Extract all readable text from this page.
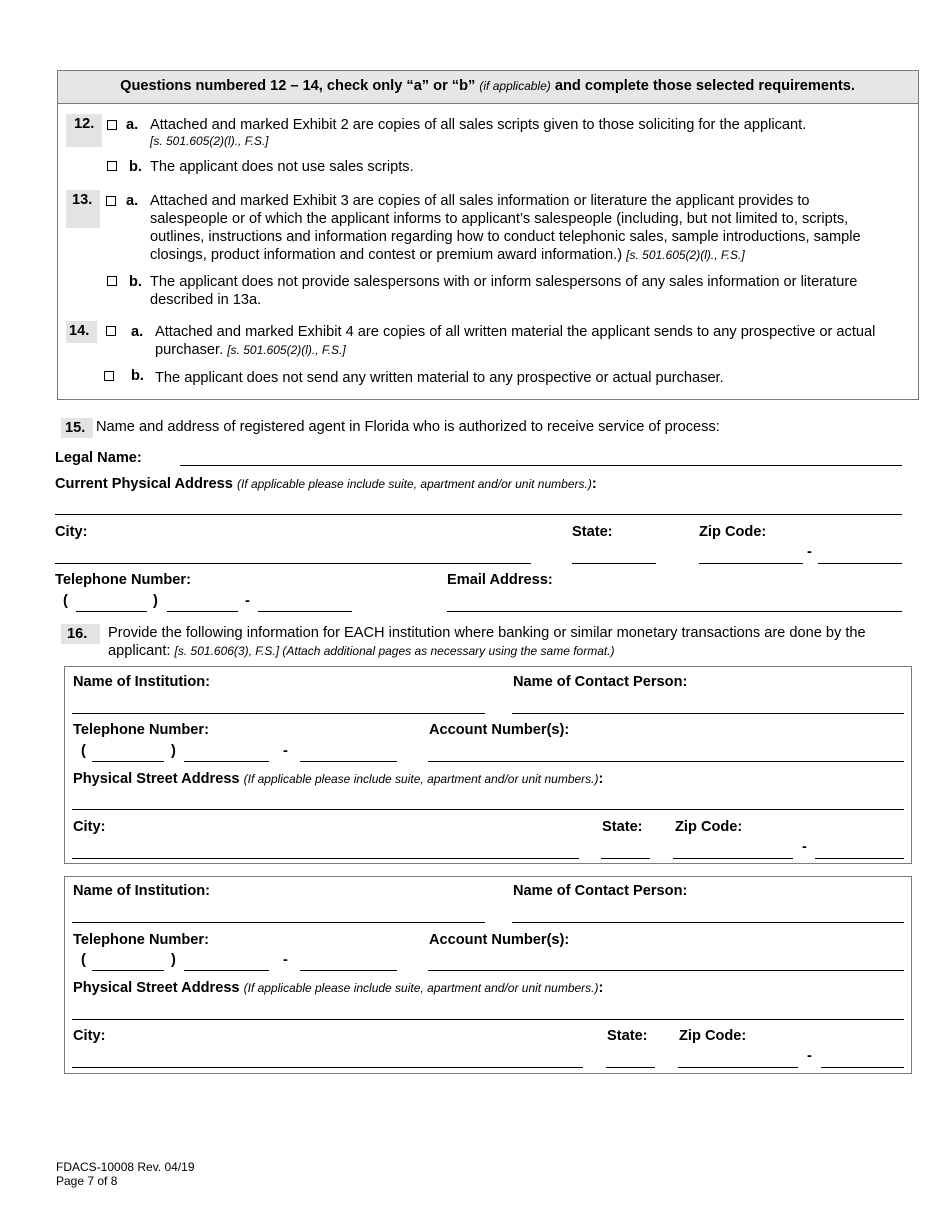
Questions numbered 12 – 14, check only “a” or “b” (if applicable) and complete those selected requirements.
12.	a. Attached and marked Exhibit 2 are copies of all sales scripts given to those soliciting for the applicant.
[s. 501.605(2)(l)., F.S.]
b. The applicant does not use sales scripts.
13.	a. Attached and marked Exhibit 3 are copies of all sales information or literature the applicant provides to
salespeople or of which the applicant informs to applicant’s salespeople (including, but not limited to, scripts,
outlines, instructions and information regarding how to conduct telephonic sales, sample introductions, sample
closings, product information and contest or premium award information.) [s. 501.605(2)(l)., F.S.]
b. The applicant does not provide salespersons with or inform salespersons of any sales information or literature
described in 13a.
14.	a. Attached and marked Exhibit 4 are copies of all written material the applicant sends to any prospective or actual
purchaser. [s. 501.605(2)(l)., F.S.]
b. The applicant does not send any written material to any prospective or actual purchaser.
15. Name and address of registered agent in Florida who is authorized to receive service of process:
Legal Name:
Current Physical Address (If applicable please include suite, apartment and/or unit numbers.):
City:	State:	Zip Code:
-
Telephone Number:
(	)	-
Email Address:
16.	Provide the following information for EACH institution where banking or similar monetary transactions are done by the
applicant: [s. 501.606(3), F.S.] (Attach additional pages as necessary using the same format.)
Name of Institution:	Name of Contact Person:
Telephone Number:
(	)	-
Account Number(s):
Physical Street Address (If applicable please include suite, apartment and/or unit numbers.):
City:	State: Zip Code:
-
Name of Institution:	Name of Contact Person:
Telephone Number:
(	)	-
Account Number(s):
Physical Street Address (If applicable please include suite, apartment and/or unit numbers.):
City:	State: Zip Code:
-
FDACS-10008 Rev. 04/19
Page 7 of 8
